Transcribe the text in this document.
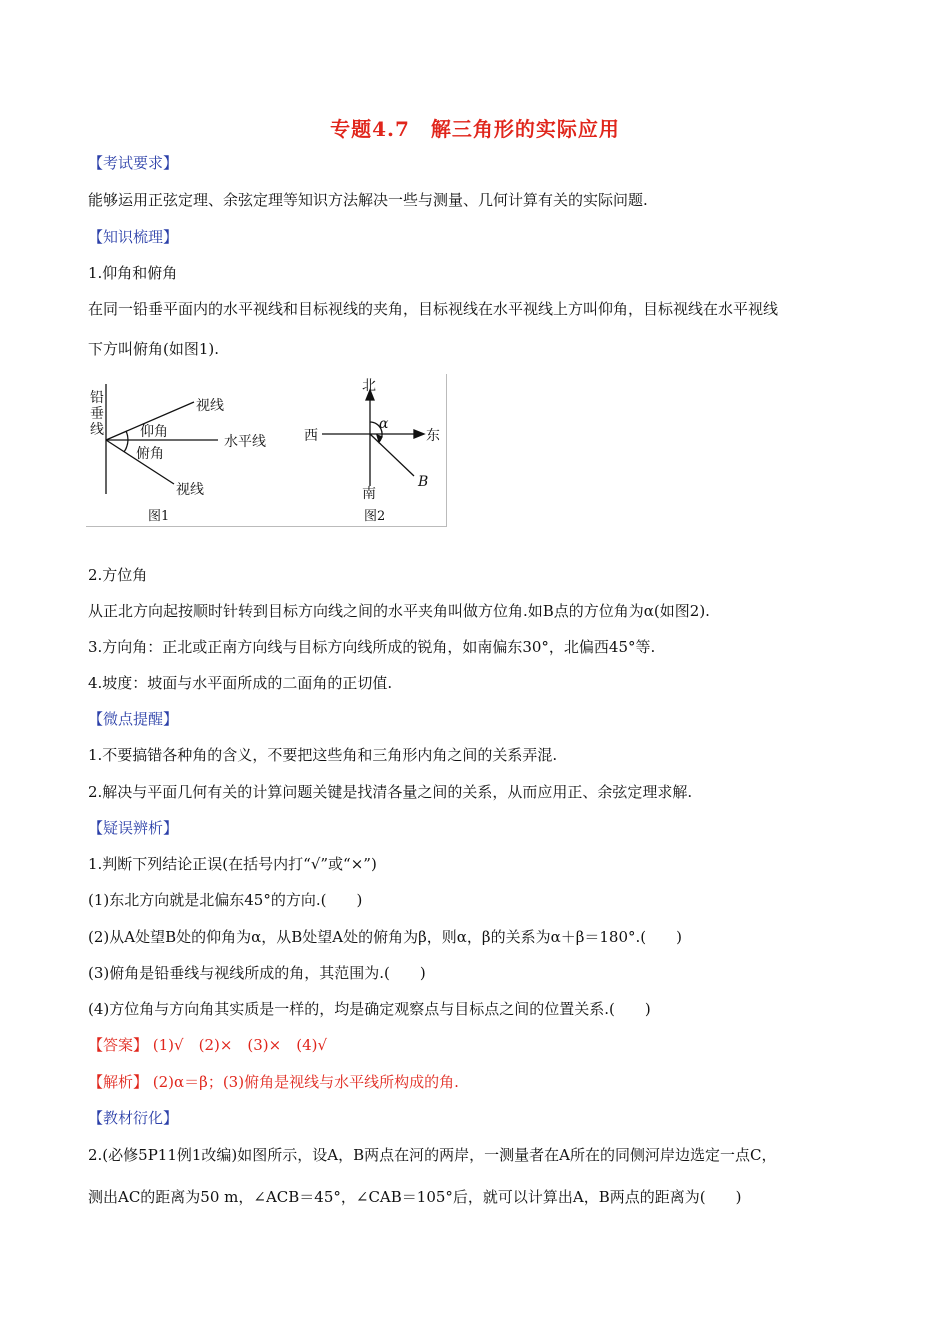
专题4.7　解三角形的实际应用
【考试要求】
能够运用正弦定理、余弦定理等知识方法解决一些与测量、几何计算有关的实际问题.
【知识梳理】
1.仰角和俯角
在同一铅垂平面内的水平视线和目标视线的夹角，目标视线在水平视线上方叫仰角，目标视线在水平视线
下方叫俯角(如图1).
铅
垂
线
视线
仰角
水平线
俯角
视线
图1
北
西	东
α
B
南
图2
2.方位角
从正北方向起按顺时针转到目标方向线之间的水平夹角叫做方位角.如B点的方位角为α(如图2).
3.方向角：正北或正南方向线与目标方向线所成的锐角，如南偏东30°，北偏西45°等.
4.坡度：坡面与水平面所成的二面角的正切值.
【微点提醒】
1.不要搞错各种角的含义，不要把这些角和三角形内角之间的关系弄混.
2.解决与平面几何有关的计算问题关键是找清各量之间的关系，从而应用正、余弦定理求解.
【疑误辨析】
1.判断下列结论正误(在括号内打“√”或“×”)
(1)东北方向就是北偏东45°的方向.(　　)
(2)从A处望B处的仰角为α，从B处望A处的俯角为β，则α，β的关系为α＋β＝180°.(　　)
(3)俯角是铅垂线与视线所成的角，其范围为.(　　)
(4)方位角与方向角其实质是一样的，均是确定观察点与目标点之间的位置关系.(　　)
【答案】 (1)√　(2)×　(3)×　(4)√
【解析】 (2)α＝β；(3)俯角是视线与水平线所构成的角.
【教材衍化】
2.(必修5P11例1改编)如图所示，设A，B两点在河的两岸，一测量者在A所在的同侧河岸边选定一点C，
测出AC的距离为50 m，∠ACB＝45°，∠CAB＝105°后，就可以计算出A，B两点的距离为(　　)
